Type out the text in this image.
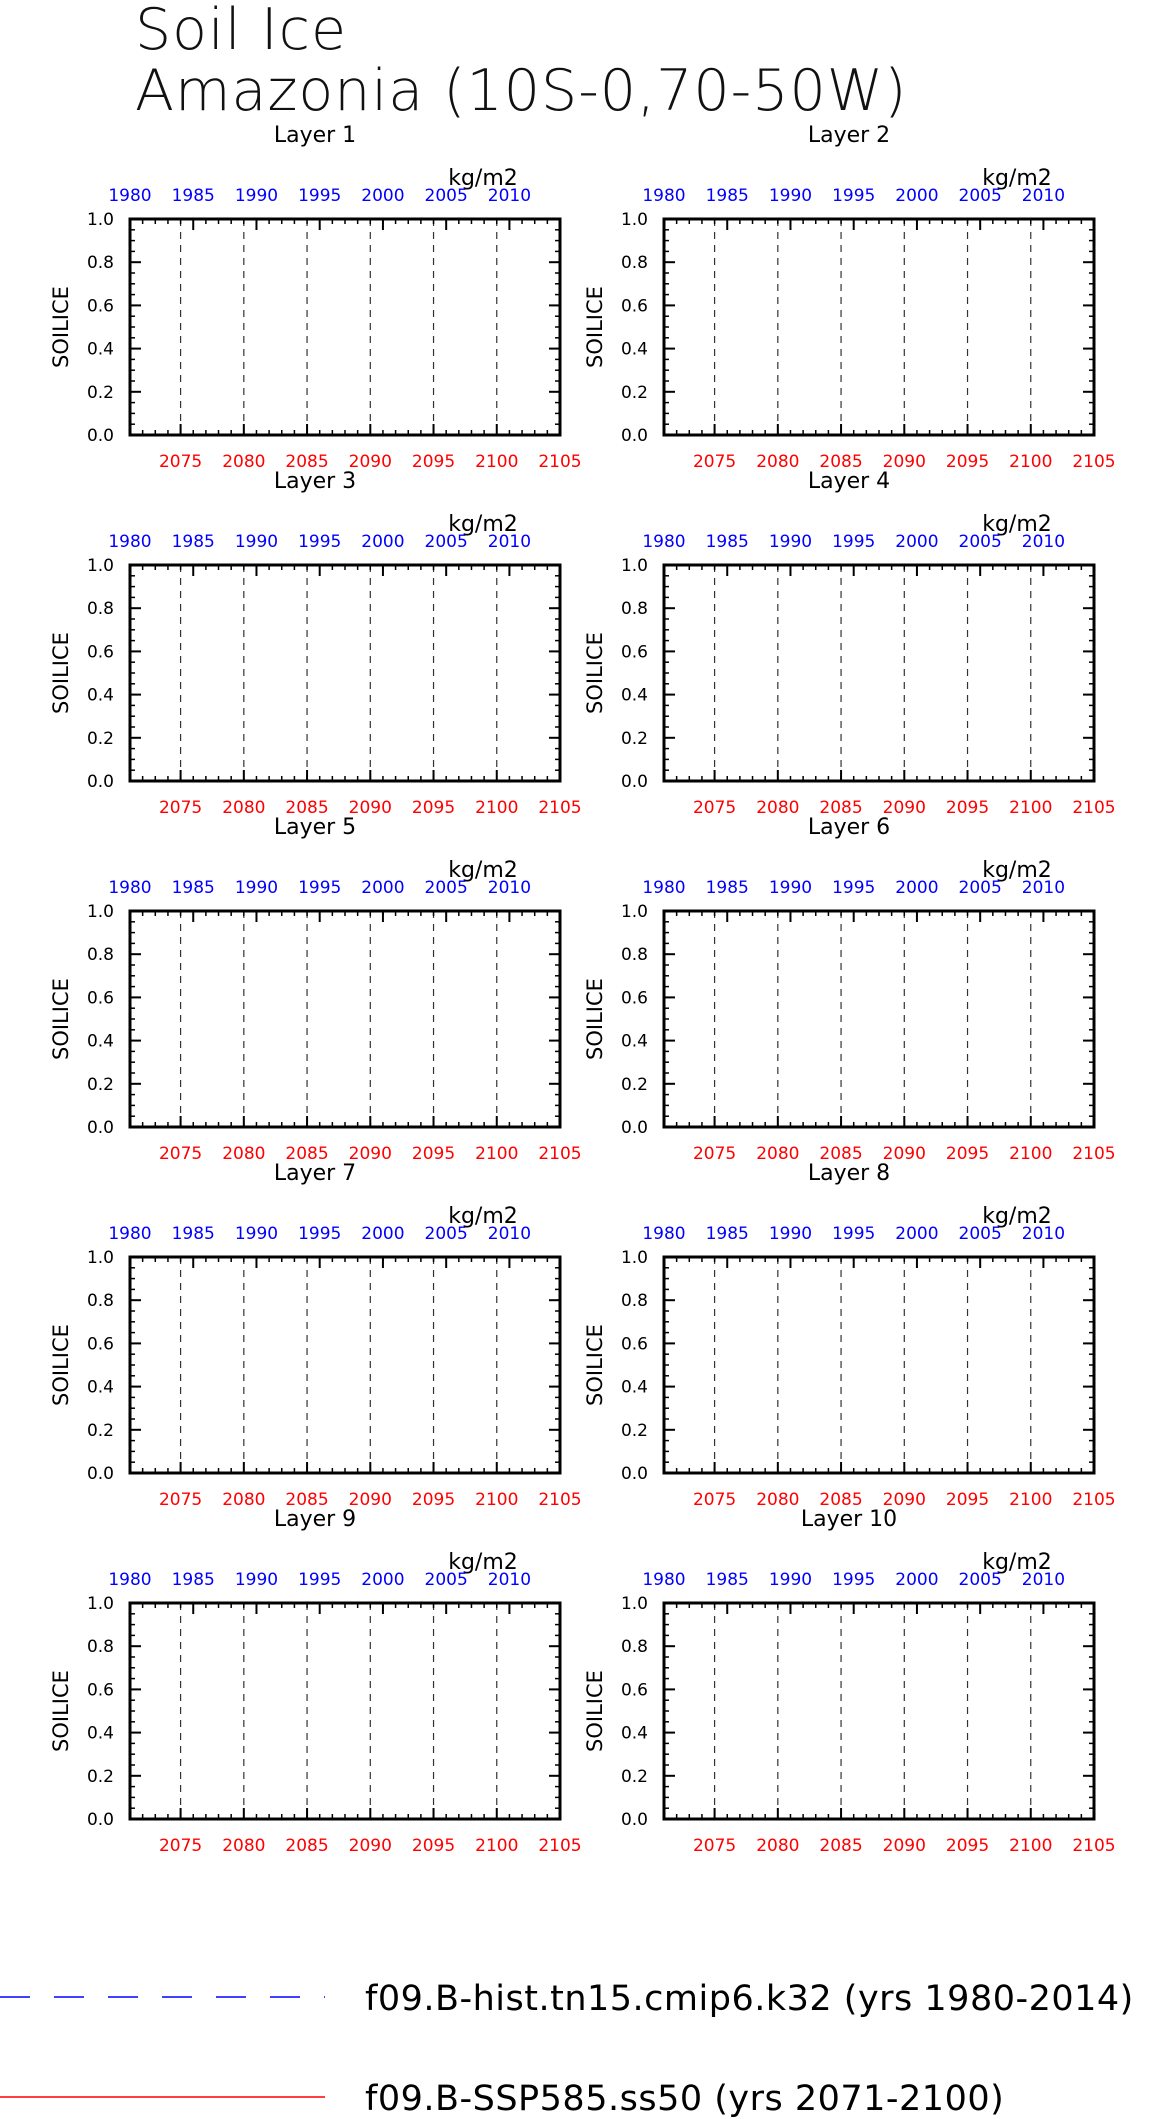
Soil Ice
Amazonia (10S-0,70-50W)
Layer 1
kg/m2
2075 2080 2085 2090 2095 2100 2105
1980 1985 1990 1995 2000 2005 2010
0.0
0.2
0.4
0.6
0.8
1.0
SOILICE
Layer 2
kg/m2
2075 2080 2085 2090 2095 2100 2105
1980 1985 1990 1995 2000 2005 2010
0.0
0.2
0.4
0.6
0.8
1.0
SOILICE
Layer 3
kg/m2
2075 2080 2085 2090 2095 2100 2105
1980 1985 1990 1995 2000 2005 2010
0.0
0.2
0.4
0.6
0.8
1.0
SOILICE
Layer 4
kg/m2
2075 2080 2085 2090 2095 2100 2105
1980 1985 1990 1995 2000 2005 2010
0.0
0.2
0.4
0.6
0.8
1.0
SOILICE
Layer 5
kg/m2
2075 2080 2085 2090 2095 2100 2105
1980 1985 1990 1995 2000 2005 2010
0.0
0.2
0.4
0.6
0.8
1.0
SOILICE
Layer 6
kg/m2
2075 2080 2085 2090 2095 2100 2105
1980 1985 1990 1995 2000 2005 2010
0.0
0.2
0.4
0.6
0.8
1.0
SOILICE
Layer 7
kg/m2
2075 2080 2085 2090 2095 2100 2105
1980 1985 1990 1995 2000 2005 2010
0.0
0.2
0.4
0.6
0.8
1.0
SOILICE
Layer 8
kg/m2
2075 2080 2085 2090 2095 2100 2105
1980 1985 1990 1995 2000 2005 2010
0.0
0.2
0.4
0.6
0.8
1.0
SOILICE
Layer 9
kg/m2
2075 2080 2085 2090 2095 2100 2105
1980 1985 1990 1995 2000 2005 2010
0.0
0.2
0.4
0.6
0.8
1.0
SOILICE
Layer 10
kg/m2
2075 2080 2085 2090 2095 2100 2105
1980 1985 1990 1995 2000 2005 2010
0.0
0.2
0.4
0.6
0.8
1.0
SOILICE
f09.B-hist.tn15.cmip6.k32 (yrs 1980-2014)
f09.B-SSP585.ss50 (yrs 2071-2100)
